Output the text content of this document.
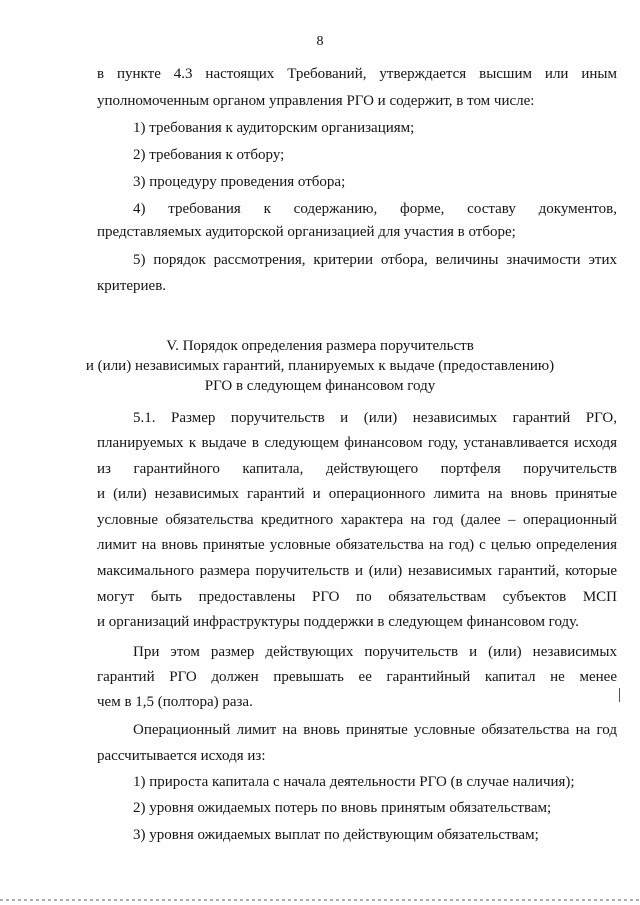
8
в пункте 4.3 настоящих Требований, утверждается высшим или иным
уполномоченным органом управления РГО и содержит, в том числе:
1) требования к аудиторским организациям;
2) требования к отбору;
3) процедуру проведения отбора;
4) требования к содержанию, форме, составу документов,
представляемых аудиторской организацией для участия в отборе;
5) порядок рассмотрения, критерии отбора, величины значимости этих
критериев.
V. Порядок определения размера поручительств
и (или) независимых гарантий, планируемых к выдаче (предоставлению)
РГО в следующем финансовом году
5.1. Размер поручительств и (или) независимых гарантий РГО,
планируемых к выдаче в следующем финансовом году, устанавливается исходя
из гарантийного капитала, действующего портфеля поручительств
и (или) независимых гарантий и операционного лимита на вновь принятые
условные обязательства кредитного характера на год (далее – операционный
лимит на вновь принятые условные обязательства на год) с целью определения
максимального размера поручительств и (или) независимых гарантий, которые
могут быть предоставлены РГО по обязательствам субъектов МСП
и организаций инфраструктуры поддержки в следующем финансовом году.
При этом размер действующих поручительств и (или) независимых
гарантий РГО должен превышать ее гарантийный капитал не менее
чем в 1,5 (полтора) раза.
Операционный лимит на вновь принятые условные обязательства на год
рассчитывается исходя из:
1) прироста капитала с начала деятельности РГО (в случае наличия);
2) уровня ожидаемых потерь по вновь принятым обязательствам;
3) уровня ожидаемых выплат по действующим обязательствам;
